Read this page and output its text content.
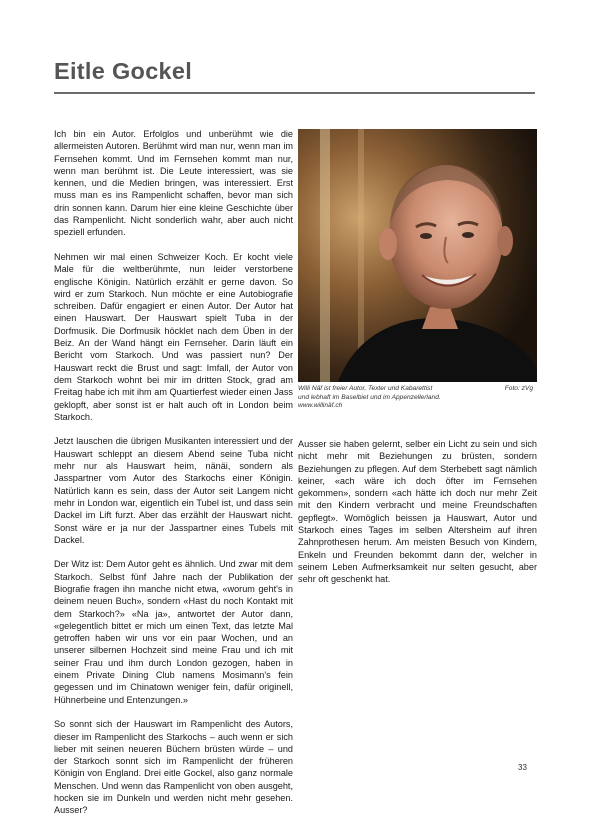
Eitle Gockel

Ich bin ein Autor. Erfolglos und unberühmt wie die allermeisten Autoren. Berühmt wird man nur, wenn man im Fernsehen kommt. Und im Fernsehen kommt man nur, wenn man berühmt ist. Die Leute interessiert, was sie kennen, und die Medien bringen, was interessiert. Erst muss man es ins Rampenlicht schaffen, bevor man sich drin sonnen kann. Darum hier eine kleine Geschichte über das Rampenlicht. Nicht sonderlich wahr, aber auch nicht speziell erfunden.

Nehmen wir mal einen Schweizer Koch. Er kocht viele Male für die weltberühmte, nun leider verstorbene englische Königin. Natürlich erzählt er gerne davon. So wird er zum Starkoch. Nun möchte er eine Autobiografie schreiben. Dafür engagiert er einen Autor. Der Autor hat einen Hauswart. Der Hauswart spielt Tuba in der Dorfmusik. Die Dorfmusik höcklet nach dem Üben in der Beiz. An der Wand hängt ein Fernseher. Darin läuft ein Bericht vom Starkoch. Und was passiert nun? Der Hauswart reckt die Brust und sagt: Imfall, der Autor von dem Starkoch wohnt bei mir im dritten Stock, grad am Freitag habe ich mit ihm am Quartierfest wieder einen Jass geklopft, aber sonst ist er halt auch oft in London beim Starkoch.

Jetzt lauschen die übrigen Musikanten interessiert und der Hauswart schleppt an diesem Abend seine Tuba nicht mehr nur als Hauswart heim, nänäi, sondern als Jasspartner vom Autor des Starkochs einer Königin. Natürlich kann es sein, dass der Autor seit Langem nicht mehr in London war, eigentlich ein Tubel ist, und dass sein Dackel im Lift furzt. Aber das erzählt der Hauswart nicht. Sonst wäre er ja nur der Jasspartner eines Tubels mit Dackel.

Der Witz ist: Dem Autor geht es ähnlich. Und zwar mit dem Starkoch. Selbst fünf Jahre nach der Publikation der Biografie fragen ihn manche nicht etwa, «worum geht's in deinem neuen Buch», sondern «Hast du noch Kontakt mit dem Starkoch?» «Na ja», antwortet der Autor dann, «gelegentlich bittet er mich um einen Text, das letzte Mal getroffen haben wir uns vor ein paar Wochen, und an unserer silbernen Hochzeit sind meine Frau und ich mit seiner Frau und ihm durch London gezogen, haben in einem Private Dining Club namens Mosimann's fein gegessen und im Chinatown weniger fein, dafür originell, Hühnerbeine und Entenzungen.»

So sonnt sich der Hauswart im Rampenlicht des Autors, dieser im Rampenlicht des Starkochs – auch wenn er sich lieber mit seinen neueren Büchern brüsten würde – und der Starkoch sonnt sich im Rampenlicht der früheren Königin von England. Drei eitle Gockel, also ganz normale Menschen. Und wenn das Rampenlicht von oben ausgeht, hocken sie im Dunkeln und werden nicht mehr gesehen. Ausser?

Willi Näf ist freier Autor, Texter und Kabarettist
und lebhaft im Baselbiet und im Appenzellerland.
www.willinäf.ch
Foto: zVg

Ausser sie haben gelernt, selber ein Licht zu sein und sich nicht mehr mit Beziehungen zu brüsten, sondern Beziehungen zu pflegen. Auf dem Sterbebett sagt nämlich keiner, «ach wäre ich doch öfter im Fernsehen gekommen», sondern «ach hätte ich doch nur mehr Zeit mit den Kindern verbracht und meine Freundschaften gepflegt». Womöglich beissen ja Hauswart, Autor und Starkoch eines Tages im selben Altersheim auf ihren Zahnprothesen herum. Am meisten Besuch von Kindern, Enkeln und Freunden bekommt dann der, welcher in seinem Leben Aufmerksamkeit nur selten gesucht, aber sehr oft geschenkt hat.

33
